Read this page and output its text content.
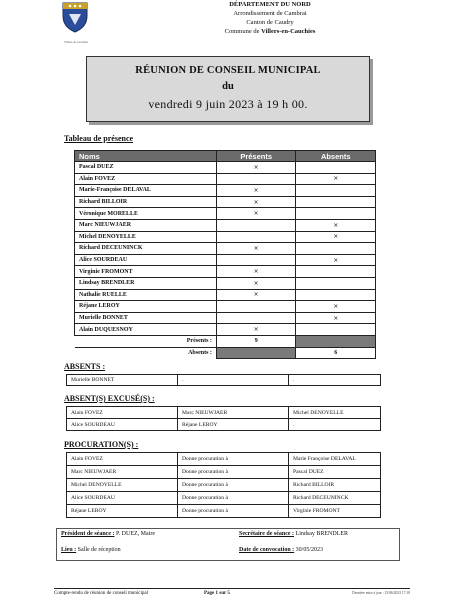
Villers-en-Cauchies
DÉPARTEMENT DU NORD
Arrondissement de Cambrai
Canton de Caudry
Commune de Villers-en-Cauchies
RÉUNION DE CONSEIL MUNICIPAL
du
vendredi 9 juin 2023 à 19 h 00.
Tableau de présence
Noms	Présents	Absents
Pascal DUEZ	×	
Alain FOVEZ		×
Marie-Françoise DELAVAL	×	
Richard BILLOIR	×	
Véronique MORELLE	×	
Marc NIEUWJAER		×
Michel DENOYELLE		×
Richard DECEUNINCK	×	
Alice SOURDEAU		×
Virginie FROMONT	×	
Lindsay BRENDLER	×	
Nathalie RUELLE	×	
Réjane LEROY		×
Murielle BONNET		×
Alain DUQUESNOY	×	
Présents :	9	
Absents :		6
ABSENTS :
Murielle BONNET	.	.
ABSENT(S) EXCUSÉ(S) :
Alain FOVEZ	Marc NIEUWJAER	Michel DENOYELLE
Alice SOURDEAU	Réjane LEROY	.
PROCURATION(S) :
Alain FOVEZ	Donne procuration à	Marie Françoise DELAVAL
Marc NIEUWJAER	Donne procuration à	Pascal DUEZ
Michel DENOYELLE	Donne procuration à	Richard BILLOIR
Alice SOURDEAU	Donne procuration à	Richard DECEUNINCK
Réjane LEROY	Donne procuration à	Virginie FROMONT
Président de séance : P. DUEZ, Maire	Secrétaire de séance : Lindsay BRENDLER
Lieu : Salle de réception	Date de convocation : 30/05/2023
Compte-rendu de réunion de conseil municipal	Page 1 sur 5	Dernière mise à jour : 15/06/2023 17:18
